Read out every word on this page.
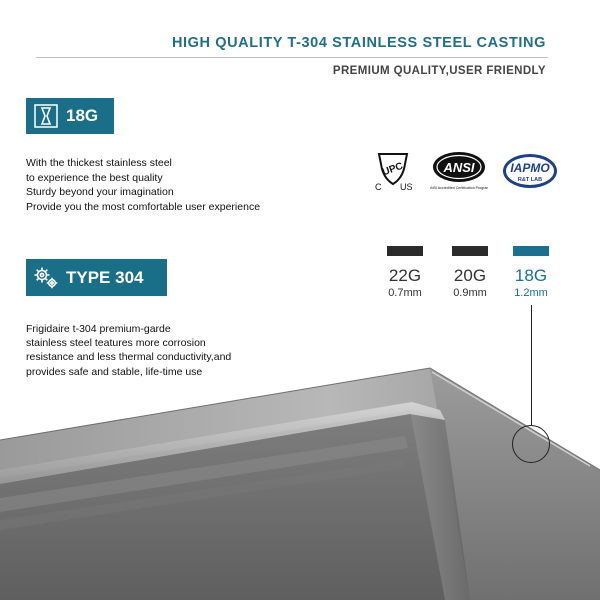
HIGH QUALITY T-304 STAINLESS STEEL CASTING
PREMIUM QUALITY,USER FRIENDLY
18G
With the thickest stainless steel
to experience the best quality
Sturdy beyond your imagination
Provide you the most comfortable user experience
TYPE 304
Frigidaire t-304 premium-garde
stainless steel teatures more corrosion
resistance and less thermal conductivity,and
provides safe and stable, life-time use
UPC
C US
ANSI
ANSI Accredited Certification Program
IAPMO
R&T LAB
22G
0.7mm
20G
0.9mm
18G
1.2mm
